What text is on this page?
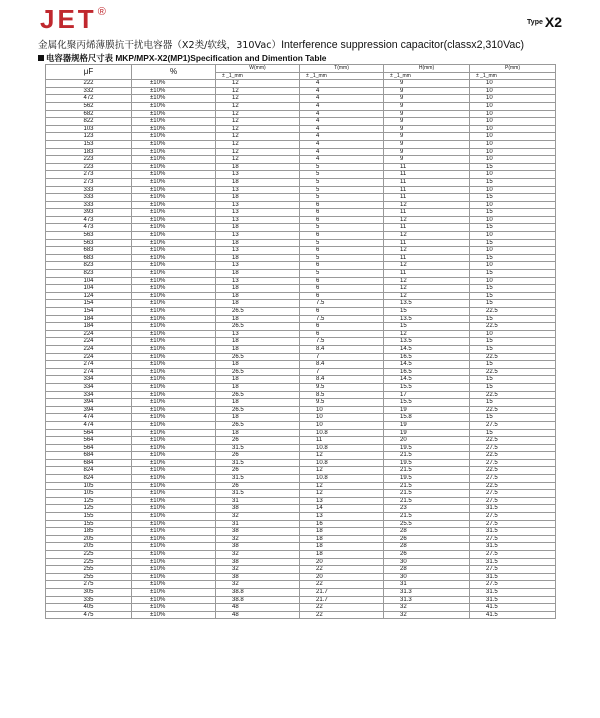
JET®
$^{Type}$ X2
金属化聚丙烯薄膜抗干扰电容器（X2类/软线，310Vac）Interference suppression capacitor(classx2,310Vac)
电容器规格尺寸表 MKP/MPX-X2(MP1)Specification and Dimention Table
μF	%	W(mm)	T(mm)	H(mm)	P(mm)
		± _1_mm	± _1_mm	± _1_mm	± _1_mm
222	±10%	12	4	9	10
332	±10%	12	4	9	10
472	±10%	12	4	9	10
562	±10%	12	4	9	10
682	±10%	12	4	9	10
822	±10%	12	4	9	10
103	±10%	12	4	9	10
123	±10%	12	4	9	10
153	±10%	12	4	9	10
183	±10%	12	4	9	10
223	±10%	12	4	9	10
223	±10%	18	5	11	15
273	±10%	13	5	11	10
273	±10%	18	5	11	15
333	±10%	13	5	11	10
333	±10%	18	5	11	15
333	±10%	13	6	12	10
393	±10%	13	6	11	15
473	±10%	13	6	12	10
473	±10%	18	5	11	15
563	±10%	13	6	12	10
563	±10%	18	5	11	15
683	±10%	13	6	12	10
683	±10%	18	5	11	15
823	±10%	13	6	12	10
823	±10%	18	5	11	15
104	±10%	13	6	12	10
104	±10%	18	6	12	15
124	±10%	18	6	12	15
154	±10%	18	7.5	13.5	15
154	±10%	26.5	6	15	22.5
184	±10%	18	7.5	13.5	15
184	±10%	26.5	6	15	22.5
224	±10%	13	6	12	10
224	±10%	18	7.5	13.5	15
224	±10%	18	8.4	14.5	15
224	±10%	26.5	7	16.5	22.5
274	±10%	18	8.4	14.5	15
274	±10%	26.5	7	16.5	22.5
334	±10%	18	8.4	14.5	15
334	±10%	18	9.5	15.5	15
334	±10%	26.5	8.5	17	22.5
394	±10%	18	9.5	15.5	15
394	±10%	26.5	10	19	22.5
474	±10%	18	10	15.8	15
474	±10%	26.5	10	19	27.5
564	±10%	18	10.8	19	15
564	±10%	26	11	20	22.5
564	±10%	31.5	10.8	19.5	27.5
684	±10%	26	12	21.5	22.5
684	±10%	31.5	10.8	19.5	27.5
824	±10%	26	12	21.5	22.5
824	±10%	31.5	10.8	19.5	27.5
105	±10%	26	12	21.5	22.5
105	±10%	31.5	12	21.5	27.5
125	±10%	31	13	21.5	27.5
125	±10%	38	14	23	31.5
155	±10%	32	13	21.5	27.5
155	±10%	31	16	25.5	27.5
185	±10%	38	18	28	31.5
205	±10%	32	18	26	27.5
205	±10%	38	18	28	31.5
225	±10%	32	18	26	27.5
225	±10%	38	20	30	31.5
255	±10%	32	22	28	27.5
255	±10%	38	20	30	31.5
275	±10%	32	22	31	27.5
305	±10%	38.8	21.7	31.3	31.5
335	±10%	38.8	21.7	31.3	31.5
405	±10%	48	22	32	41.5
475	±10%	48	22	32	41.5
